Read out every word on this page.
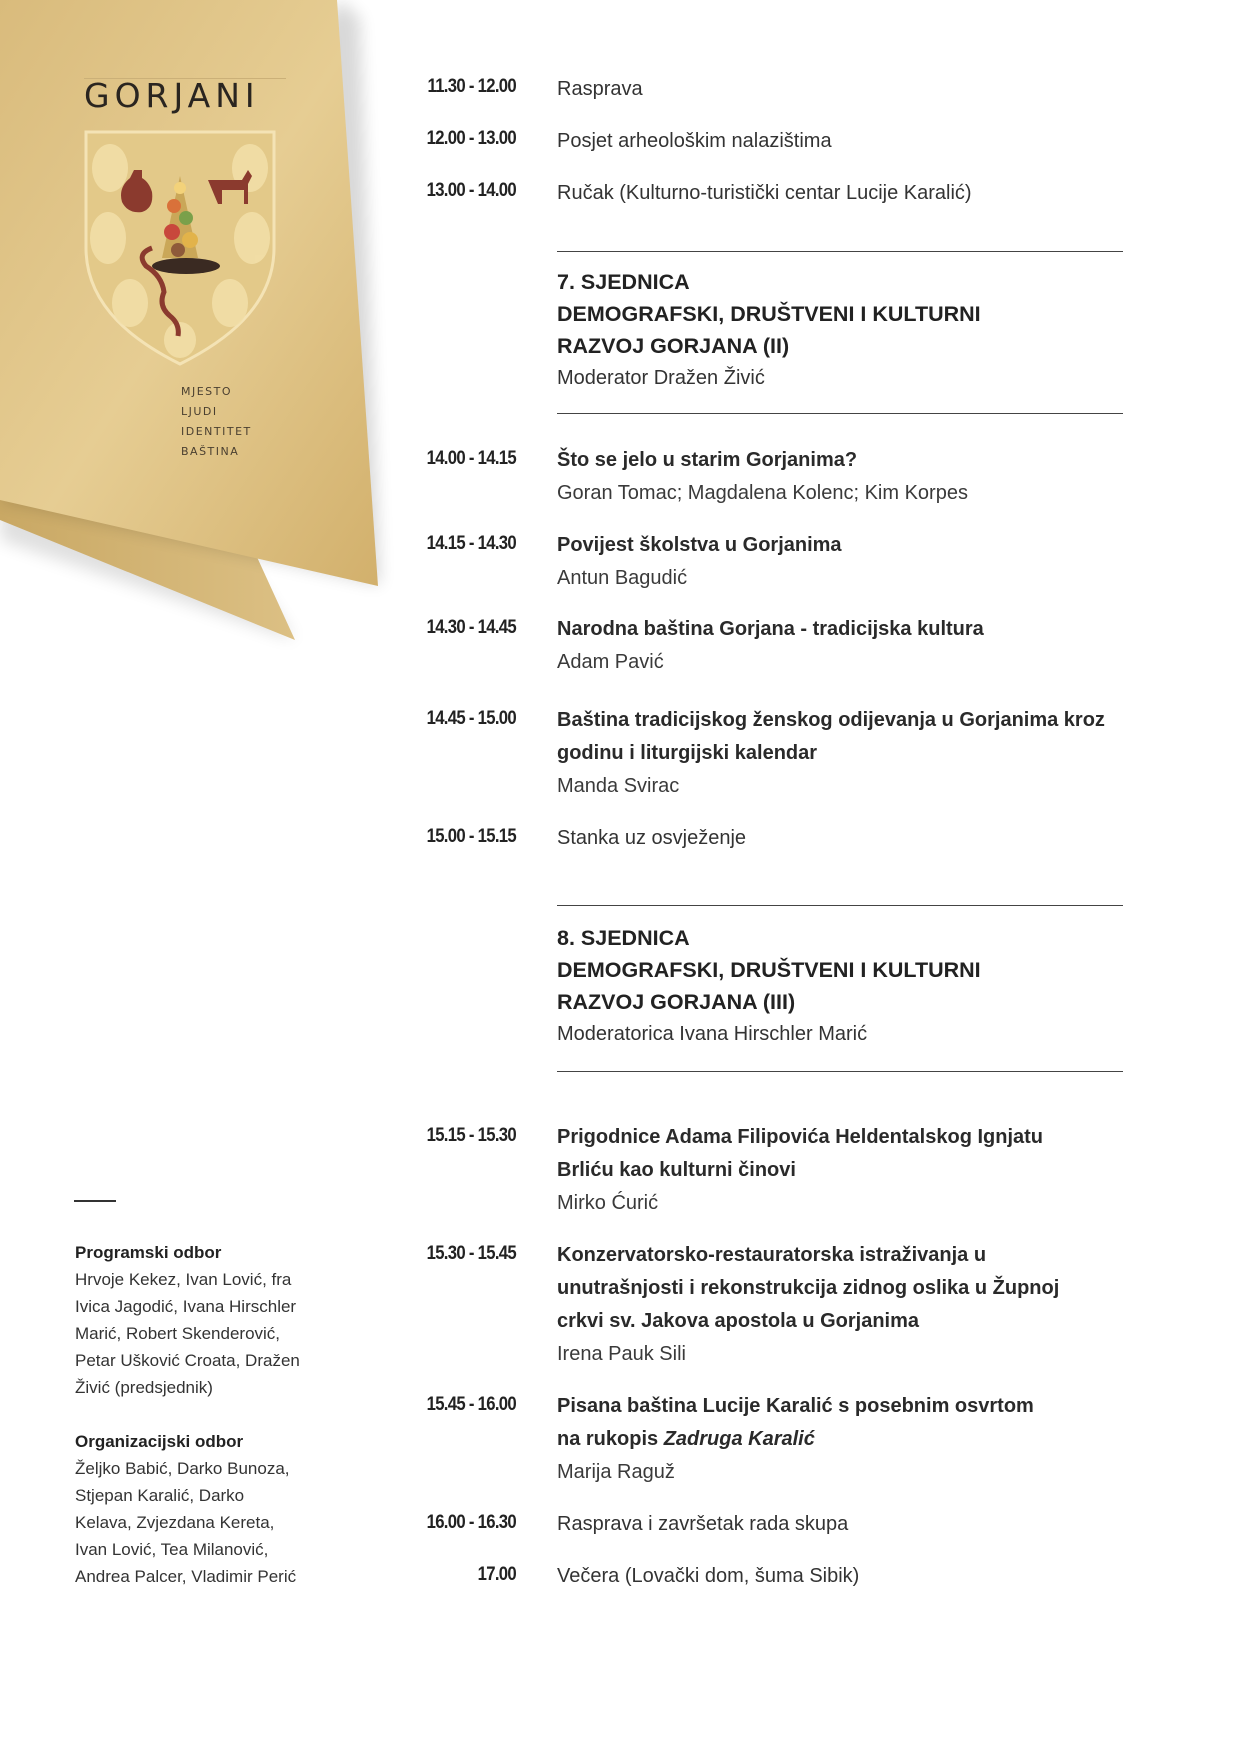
GORJANI
MJESTO
LJUDI
IDENTITET
BAŠTINA
11.30 - 12.00 Rasprava
12.00 - 13.00 Posjet arheološkim nalazištima
13.00 - 14.00 Ručak (Kulturno-turistički centar Lucije Karalić)
7. SJEDNICA
DEMOGRAFSKI, DRUŠTVENI I KULTURNI
RAZVOJ GORJANA (II)
Moderator Dražen Živić
14.00 - 14.15 Što se jelo u starim Gorjanima?
Goran Tomac; Magdalena Kolenc; Kim Korpes
14.15 - 14.30 Povijest školstva u Gorjanima
Antun Bagudić
14.30 - 14.45 Narodna baština Gorjana - tradicijska kultura
Adam Pavić
14.45 - 15.00 Baština tradicijskog ženskog odijevanja u Gorjanima kroz
godinu i liturgijski kalendar
Manda Svirac
15.00 - 15.15 Stanka uz osvježenje
8. SJEDNICA
DEMOGRAFSKI, DRUŠTVENI I KULTURNI
RAZVOJ GORJANA (III)
Moderatorica Ivana Hirschler Marić
15.15 - 15.30 Prigodnice Adama Filipovića Heldentalskog Ignjatu
Brliću kao kulturni činovi
Mirko Ćurić
15.30 - 15.45 Konzervatorsko-restauratorska istraživanja u
unutrašnjosti i rekonstrukcija zidnog oslika u Župnoj
crkvi sv. Jakova apostola u Gorjanima
Irena Pauk Sili
15.45 - 16.00 Pisana baština Lucije Karalić s posebnim osvrtom
na rukopis Zadruga Karalić
Marija Raguž
16.00 - 16.30 Rasprava i završetak rada skupa
17.00 Večera (Lovački dom, šuma Sibik)
Programski odbor
Hrvoje Kekez, Ivan Lović, fra
Ivica Jagodić, Ivana Hirschler
Marić, Robert Skenderović,
Petar Ušković Croata, Dražen
Živić (predsjednik)
Organizacijski odbor
Željko Babić, Darko Bunoza,
Stjepan Karalić, Darko
Kelava, Zvjezdana Kereta,
Ivan Lović, Tea Milanović,
Andrea Palcer, Vladimir Perić
